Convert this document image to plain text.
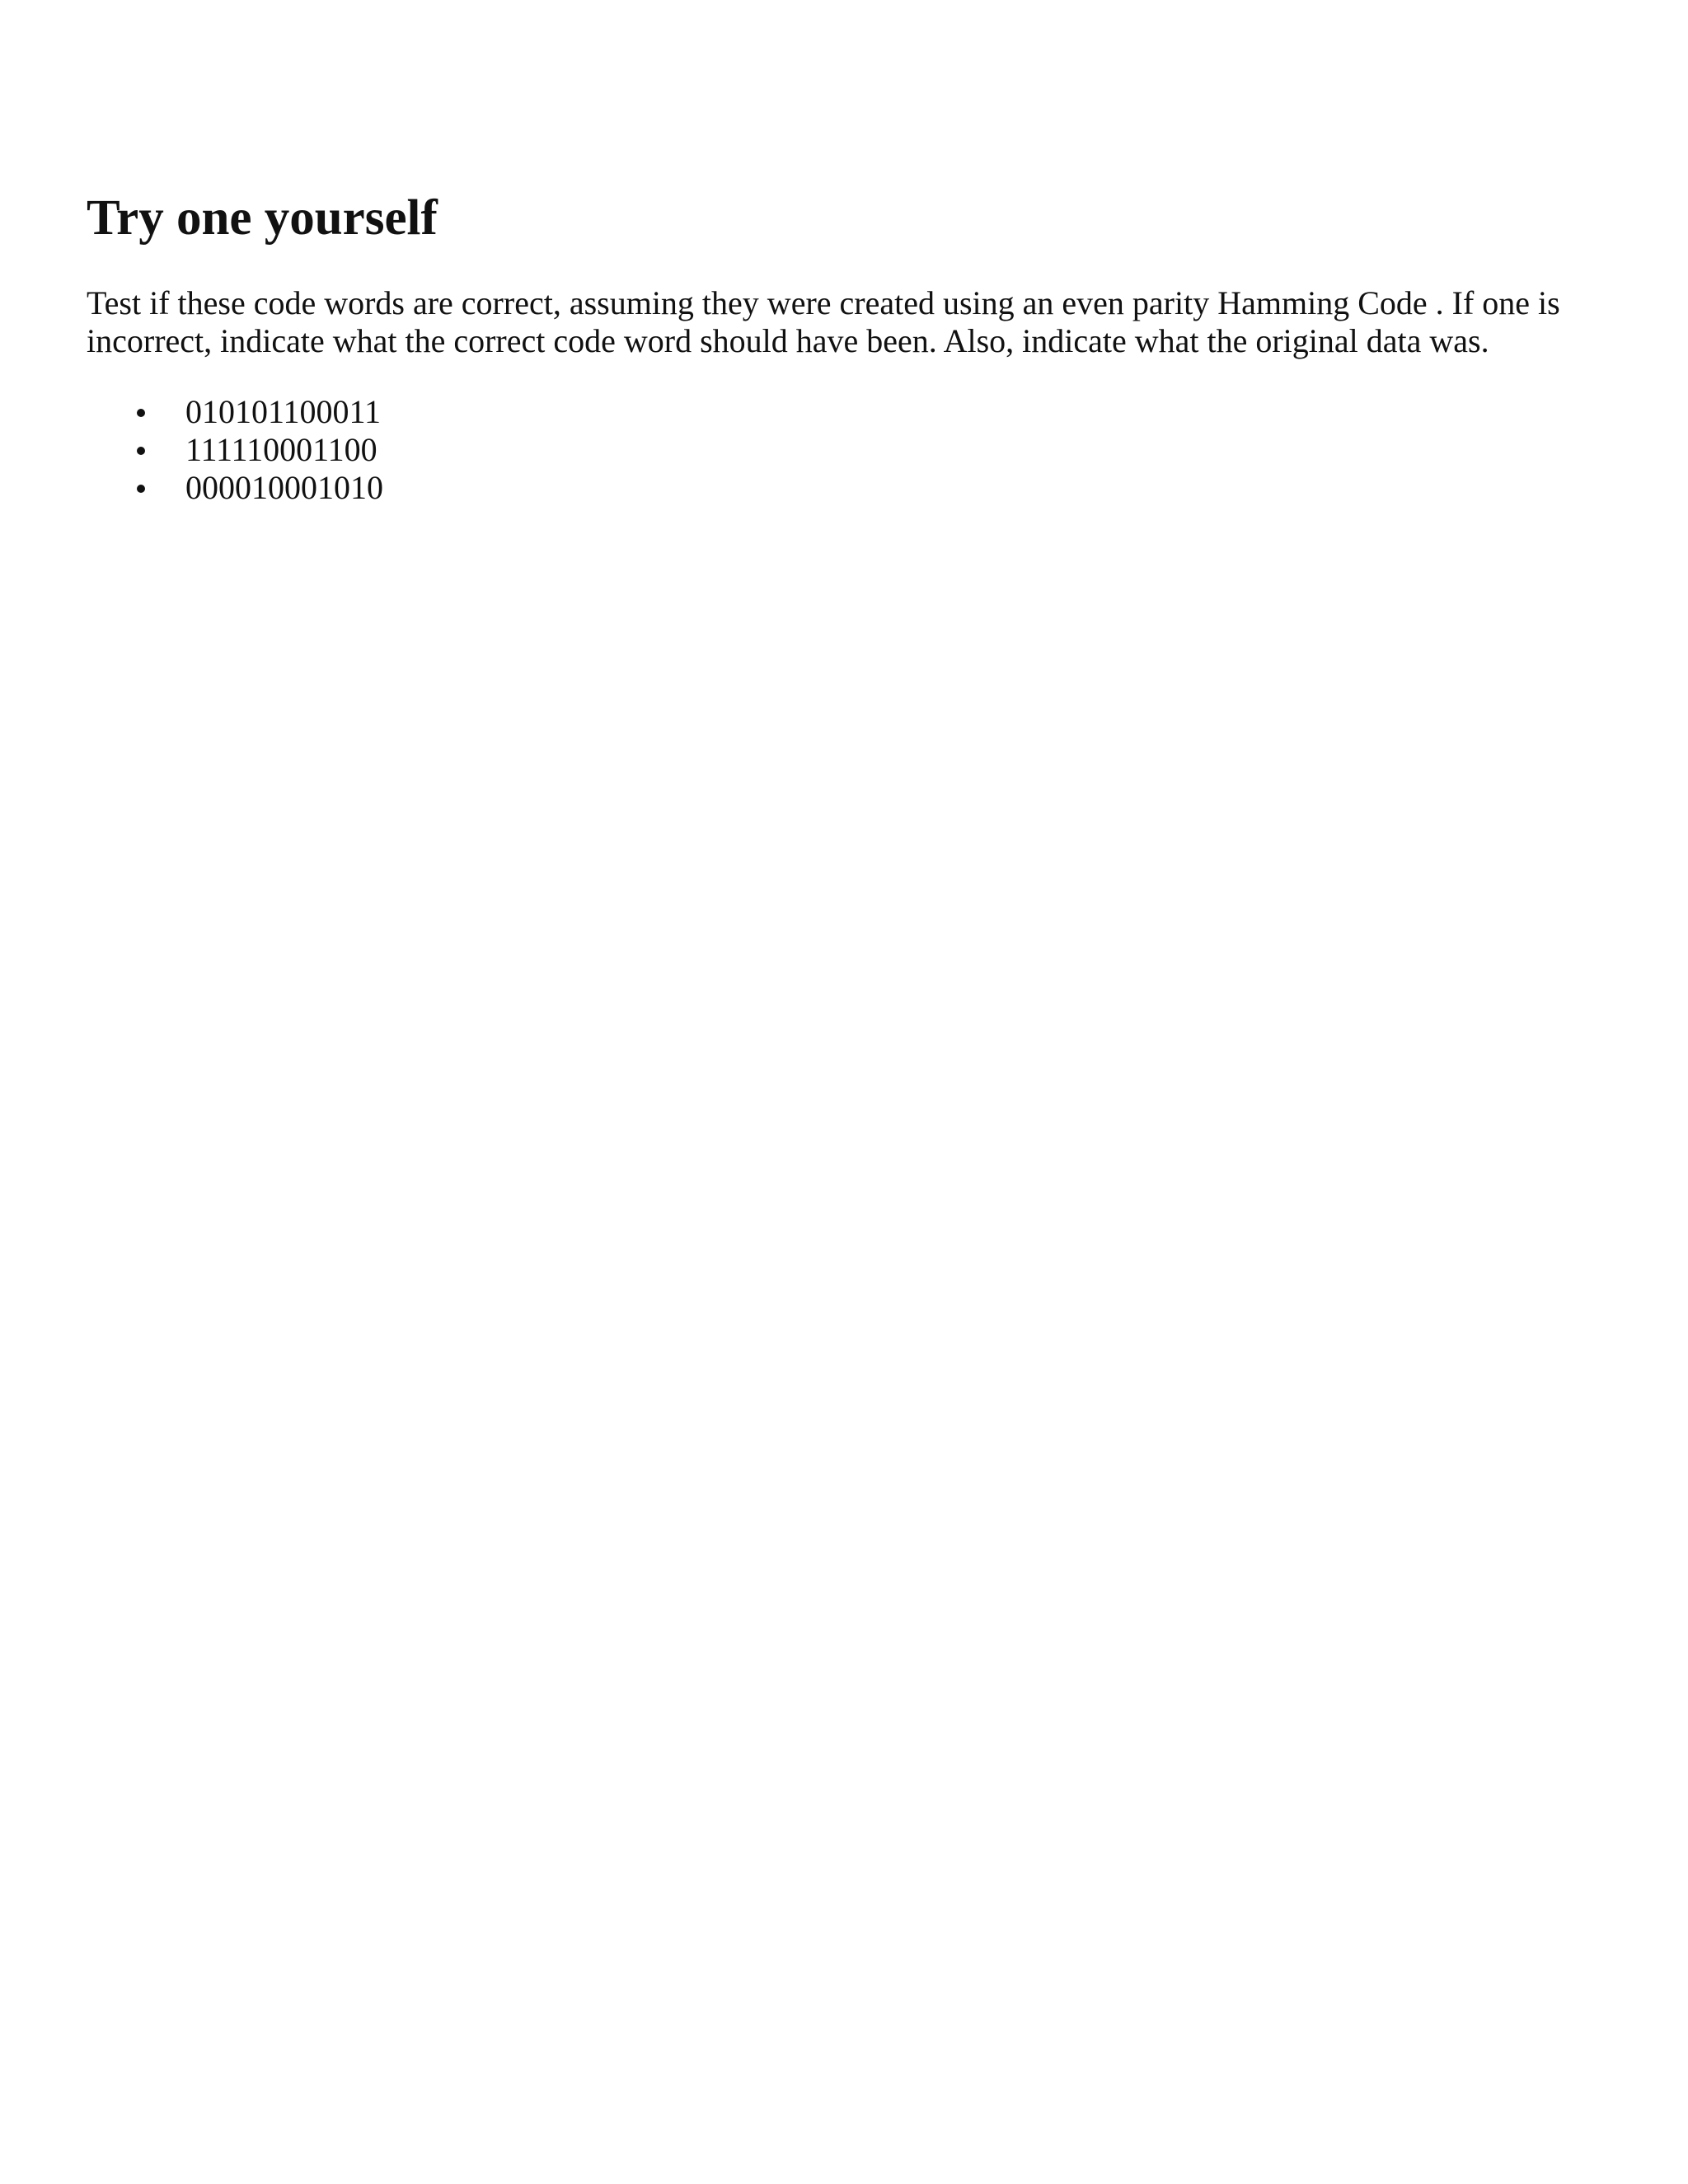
Try one yourself

Test if these code words are correct, assuming they were created using an even parity Hamming Code . If one is incorrect, indicate what the correct code word should have been. Also, indicate what the original data was.

010101100011
111110001100
000010001010
